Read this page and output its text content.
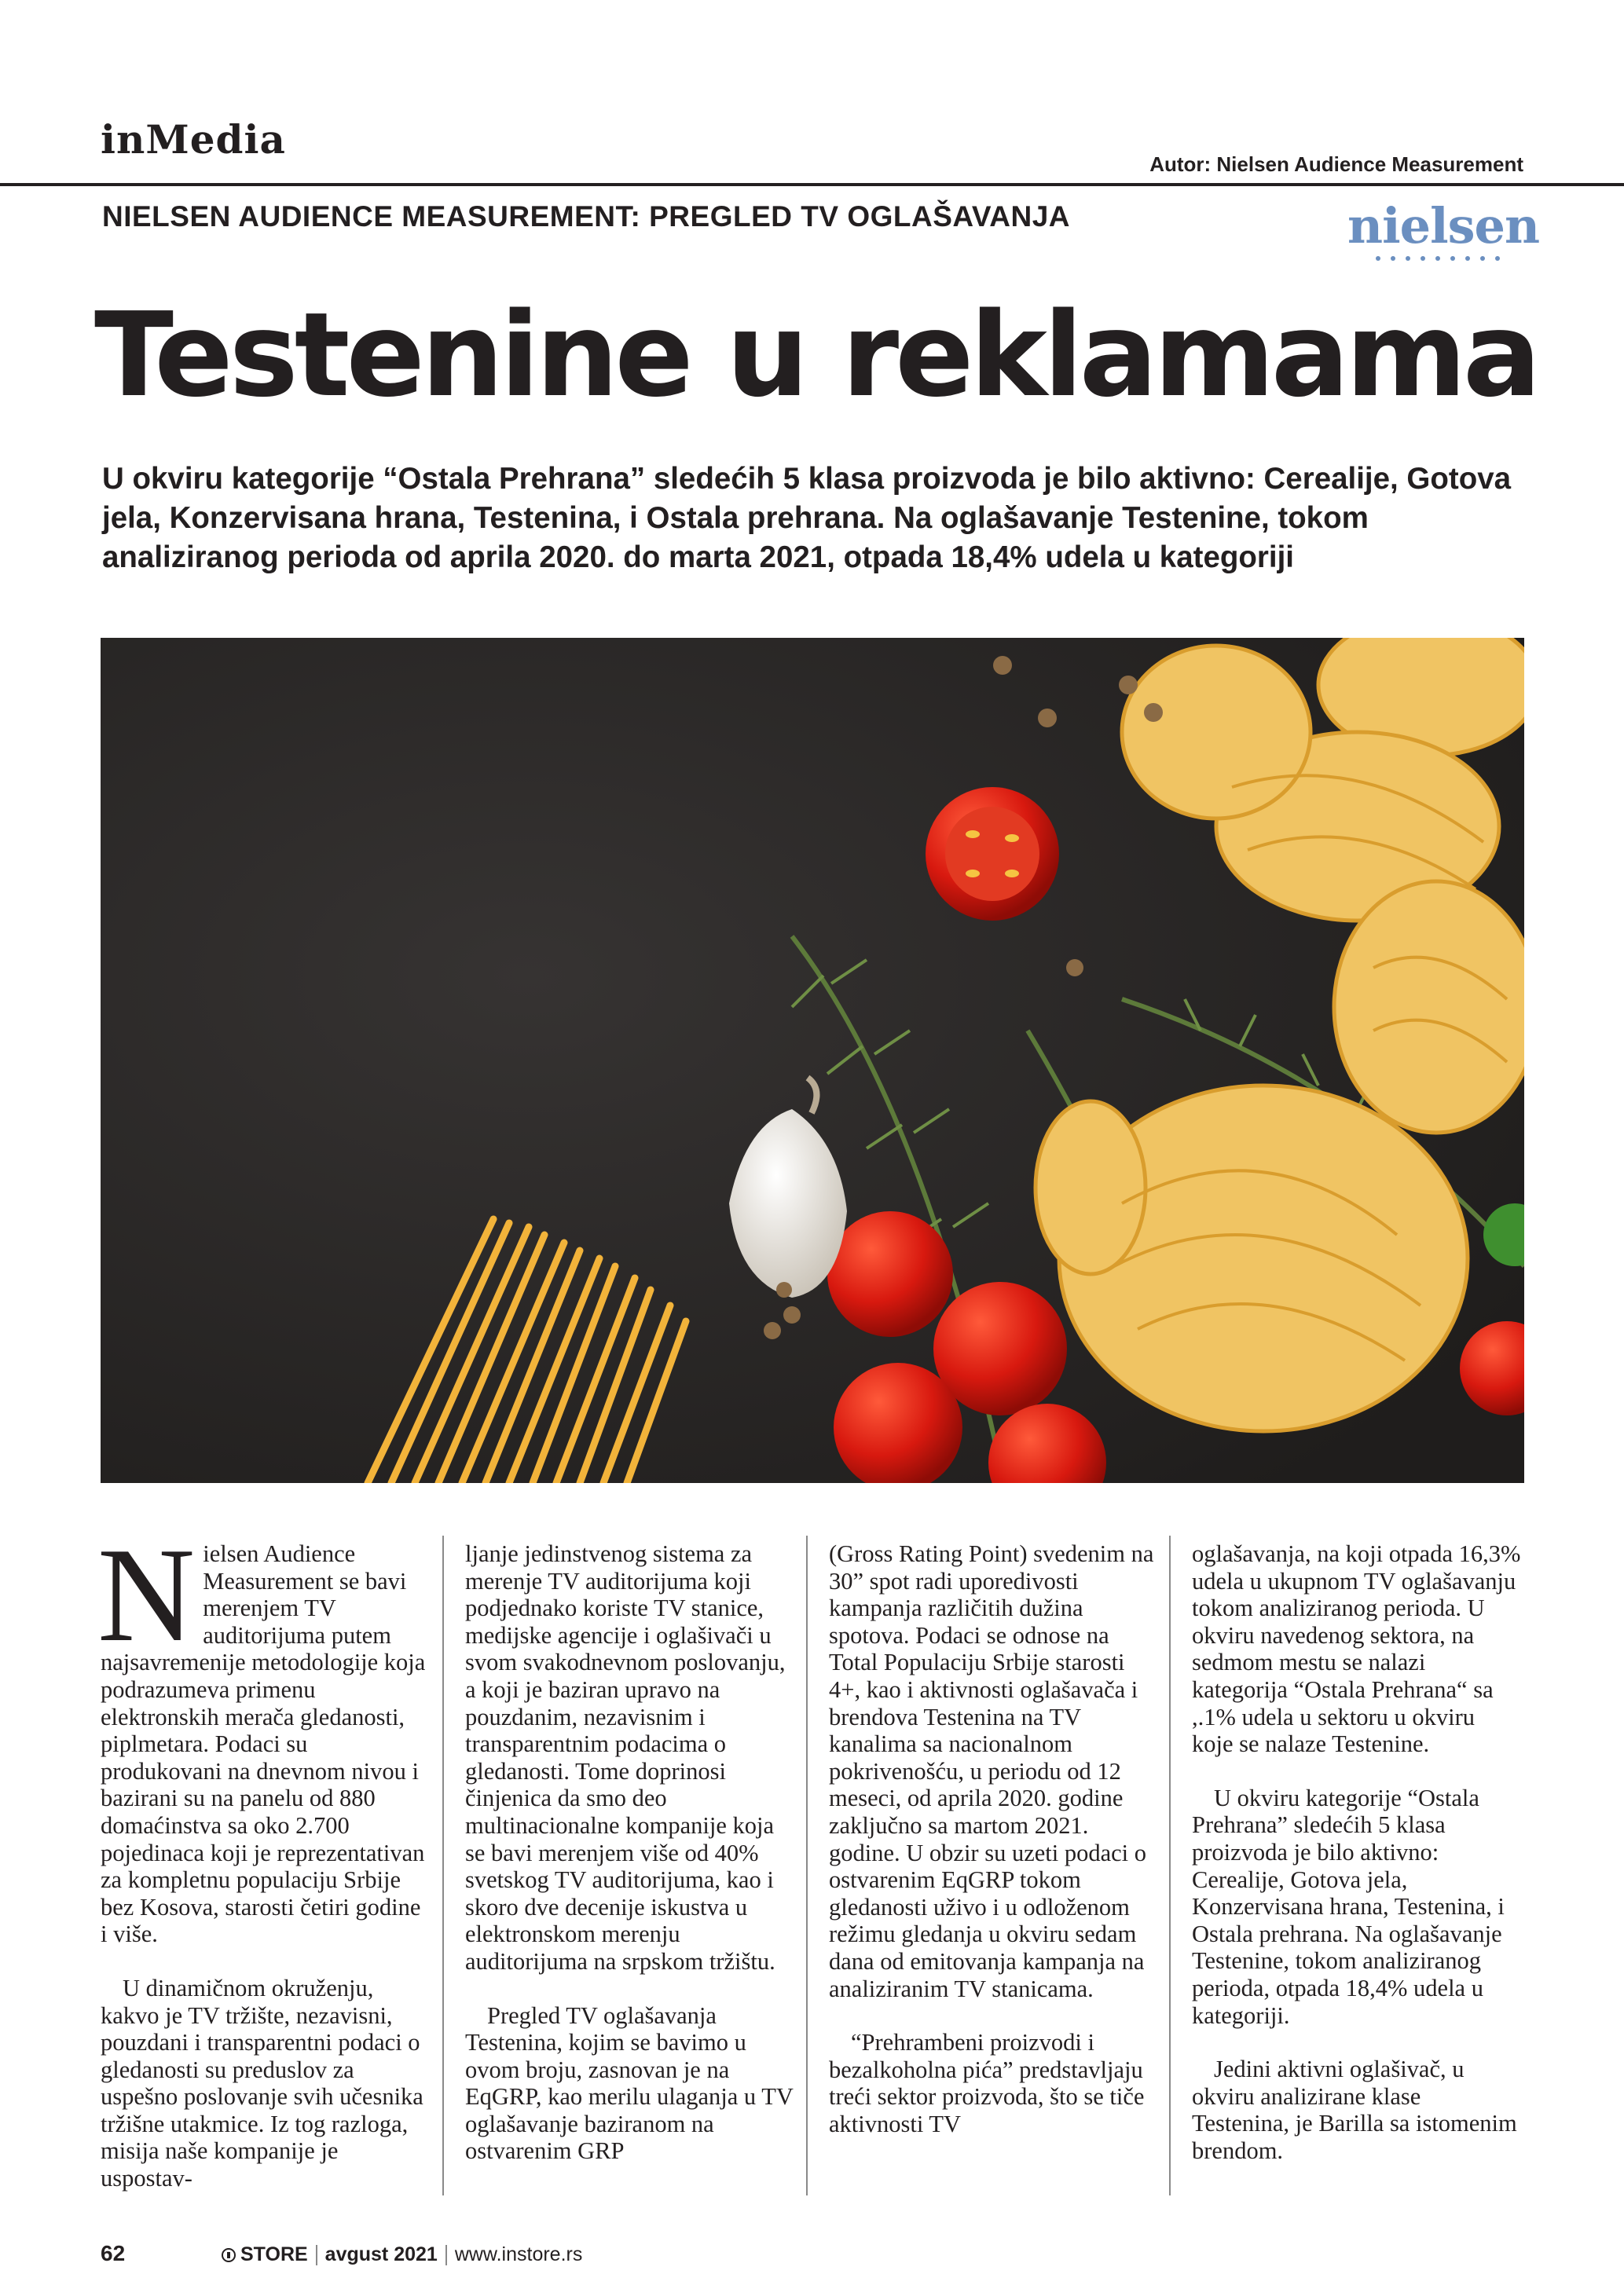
inMedia
Autor: Nielsen Audience Measurement
NIELSEN AUDIENCE MEASUREMENT: PREGLED TV OGLAŠAVANJA	nielsen
Testenine u reklamama
U okviru kategorije “Ostala Prehrana” sledećih 5 klasa proizvoda je bilo aktivno: Cerealije, Gotova jela, Konzervisana hrana, Testenina, i Ostala prehrana. Na oglašavanje Testenine, tokom analiziranog perioda od aprila 2020. do marta 2021, otpada 18,4% udela u kategoriji

Nielsen Audience Measurement se bavi merenjem TV auditorijuma putem najsavremenije metodologije koja podrazumeva primenu elektronskih merača gledanosti, piplmetara. Podaci su produkovani na dnevnom nivou i bazirani su na panelu od 880 domaćinstva sa oko 2.700 pojedinaca koji je reprezentativan za kompletnu populaciju Srbije bez Kosova, starosti četiri godine i više.

U dinamičnom okruženju, kakvo je TV tržište, nezavisni, pouzdani i transparentni podaci o gledanosti su preduslov za uspešno poslovanje svih učesnika tržišne utakmice. Iz tog razloga, misija naše kompanije je uspostav-

ljanje jedinstvenog sistema za merenje TV auditorijuma koji podjednako koriste TV stanice, medijske agencije i oglašivači u svom svakodnevnom poslovanju, a koji je baziran upravo na pouzdanim, nezavisnim i transparentnim podacima o gledanosti. Tome doprinosi činjenica da smo deo multinacionalne kompanije koja se bavi merenjem više od 40% svetskog TV auditorijuma, kao i skoro dve decenije iskustva u elektronskom merenju auditorijuma na srpskom tržištu.

Pregled TV oglašavanja Testenina, kojim se bavimo u ovom broju, zasnovan je na EqGRP, kao merilu ulaganja u TV oglašavanje baziranom na ostvarenim GRP

(Gross Rating Point) svedenim na 30” spot radi uporedivosti kampanja različitih dužina spotova. Podaci se odnose na Total Populaciju Srbije starosti 4+, kao i aktivnosti oglašavača i brendova Testenina na TV kanalima sa nacionalnom pokrivenošću, u periodu od 12 meseci, od aprila 2020. godine zaključno sa martom 2021. godine. U obzir su uzeti podaci o ostvarenim EqGRP tokom gledanosti uživo i u odloženom režimu gledanja u okviru sedam dana od emitovanja kampanja na analiziranim TV stanicama.

“Prehrambeni proizvodi i bezalkoholna pića” predstavljaju treći sektor proizvoda, što se tiče aktivnosti TV

oglašavanja, na koji otpada 16,3% udela u ukupnom TV oglašavanju tokom analiziranog perioda. U okviru navedenog sektora, na sedmom mestu se nalazi kategorija “Ostala Prehrana“ sa ,.1% udela u sektoru u okviru koje se nalaze Testenine.

U okviru kategorije “Ostala Prehrana” sledećih 5 klasa proizvoda je bilo aktivno: Cerealije, Gotova jela, Konzervisana hrana, Testenina, i Ostala prehrana. Na oglašavanje Testenine, tokom analiziranog perioda, otpada 18,4% udela u kategoriji.

Jedini aktivni oglašivač, u okviru analizirane klase Testenina, je Barilla sa istomenim brendom.

62	STORE avgust 2021 www.instore.rs
